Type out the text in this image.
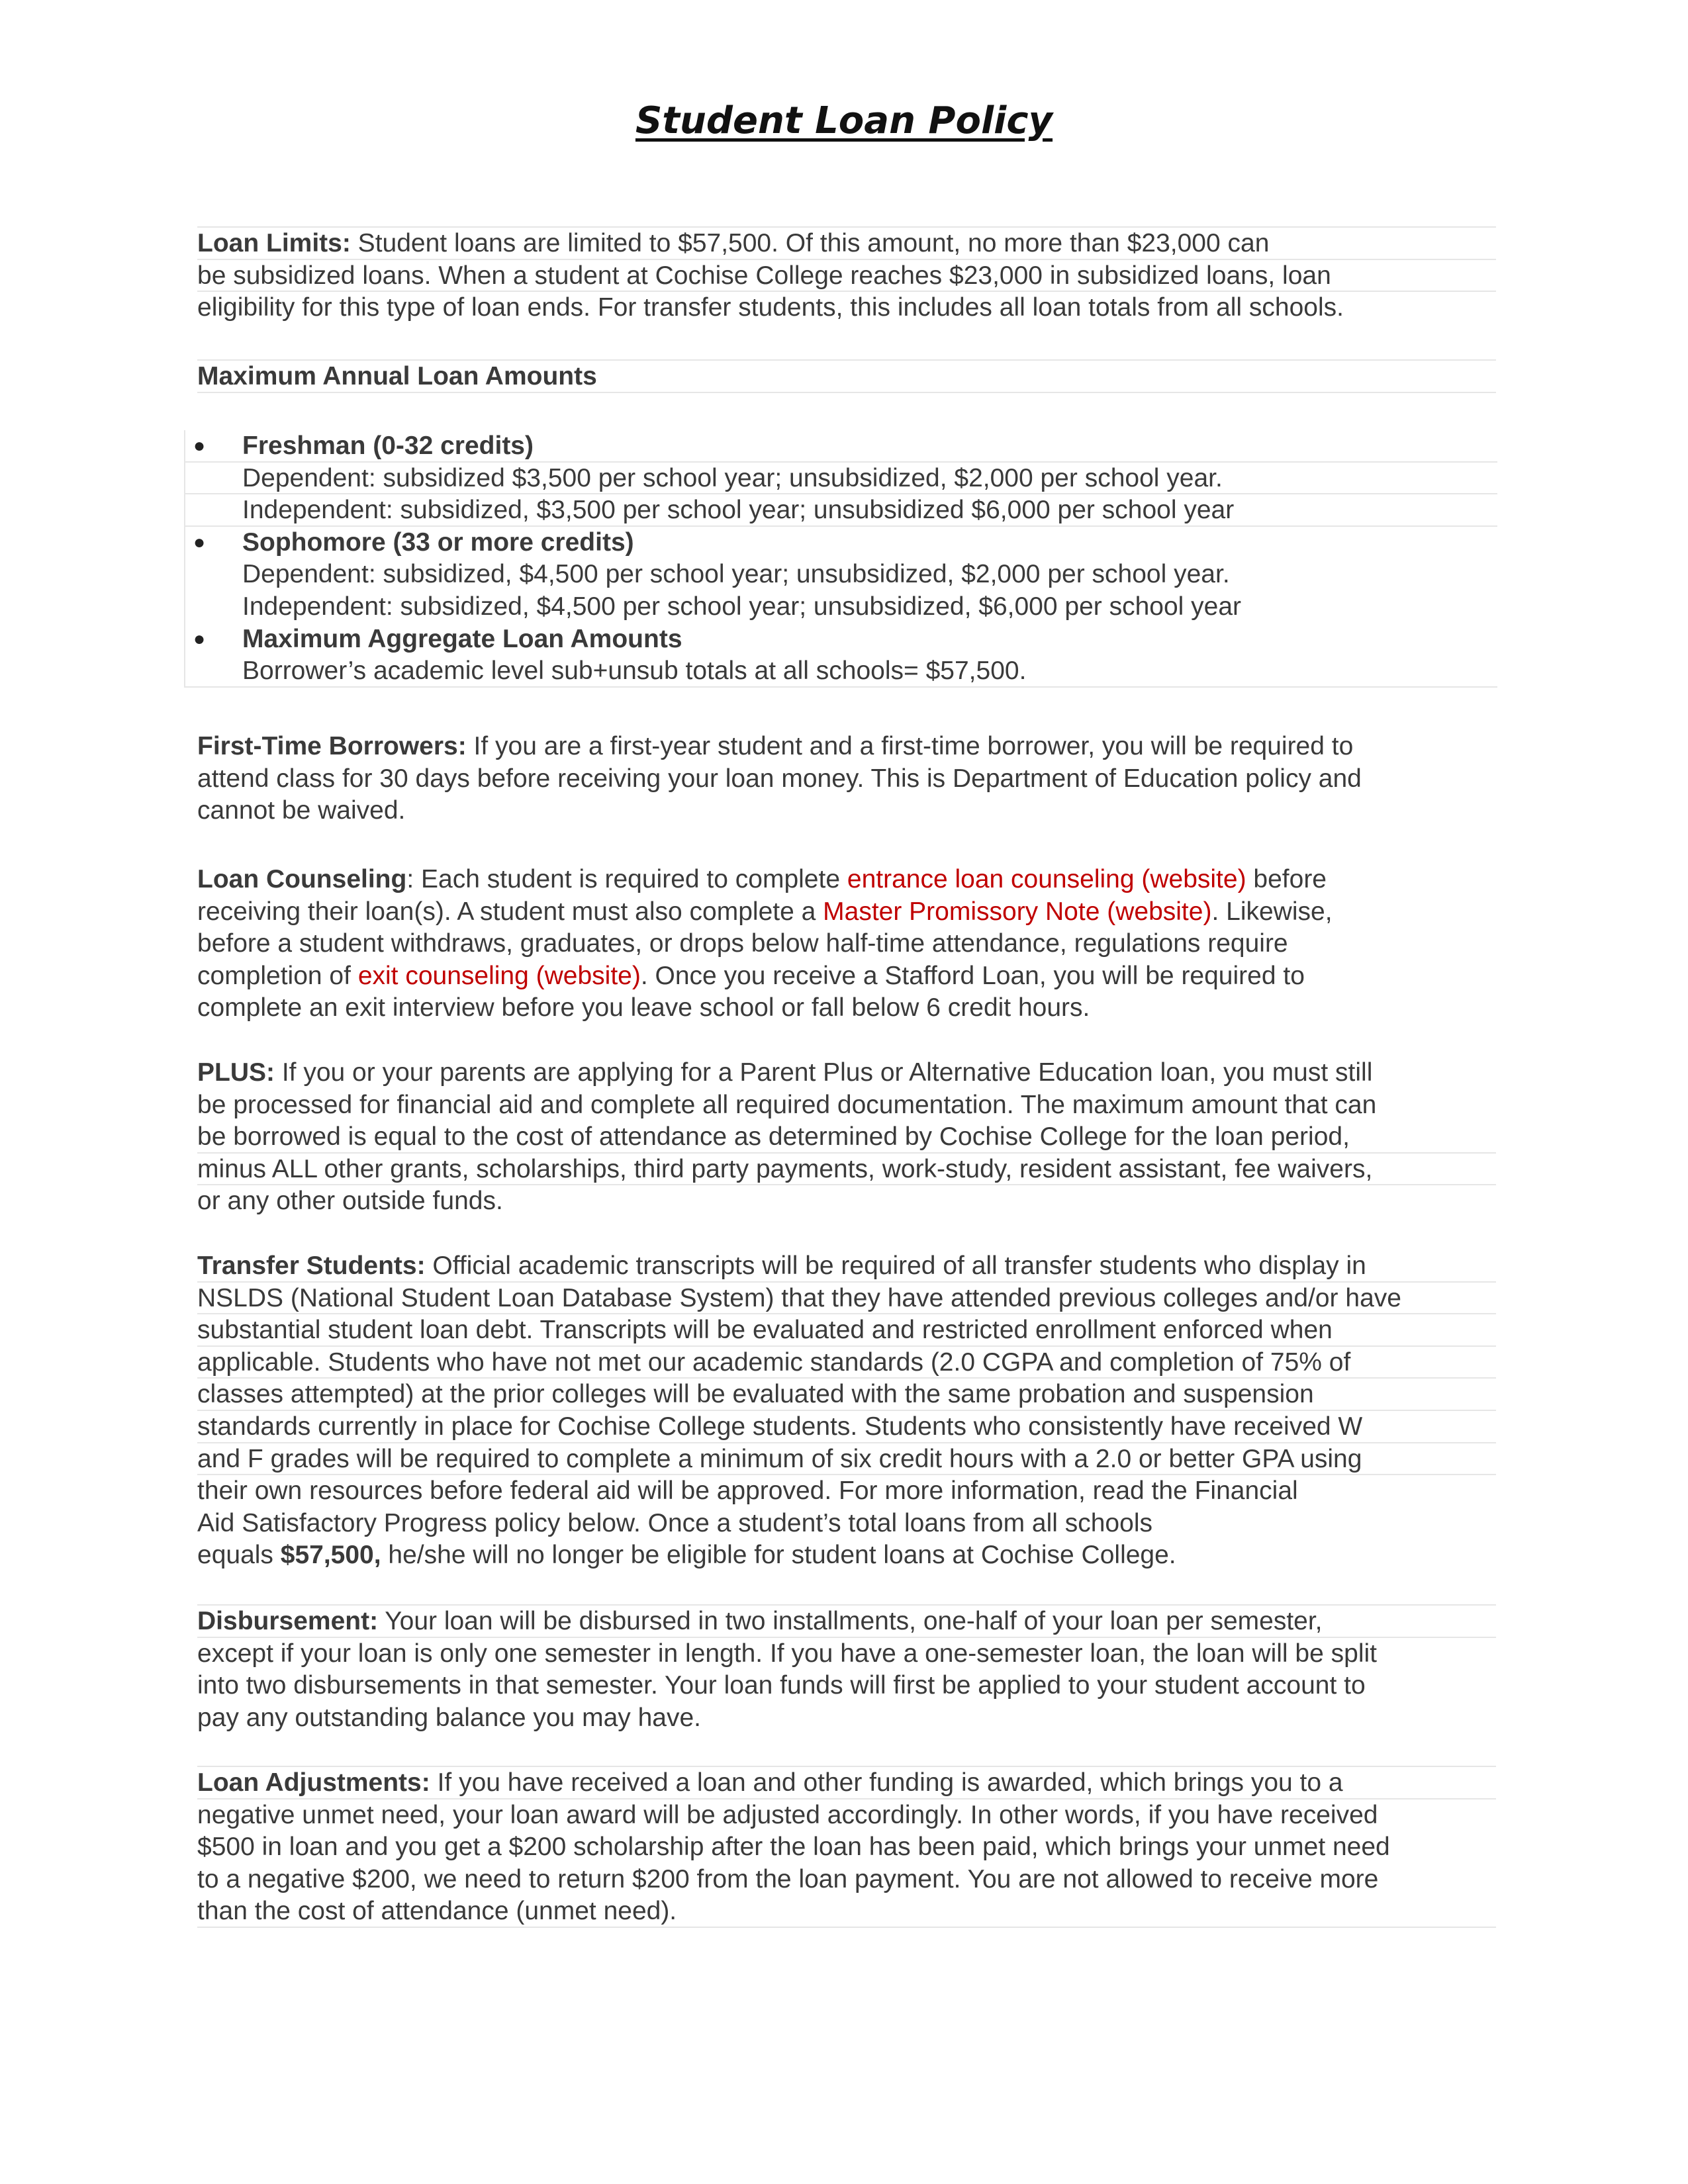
Student Loan Policy
Loan Limits: Student loans are limited to $57,500. Of this amount, no more than $23,000 can
be subsidized loans. When a student at Cochise College reaches $23,000 in subsidized loans, loan
eligibility for this type of loan ends. For transfer students, this includes all loan totals from all schools.
Maximum Annual Loan Amounts
● Freshman (0-32 credits)
Dependent: subsidized $3,500 per school year; unsubsidized, $2,000 per school year.
Independent: subsidized, $3,500 per school year; unsubsidized $6,000 per school year
● Sophomore (33 or more credits)
Dependent: subsidized, $4,500 per school year; unsubsidized, $2,000 per school year.
Independent: subsidized, $4,500 per school year; unsubsidized, $6,000 per school year
● Maximum Aggregate Loan Amounts
Borrower’s academic level sub+unsub totals at all schools= $57,500.
First-Time Borrowers: If you are a first-year student and a first-time borrower, you will be required to
attend class for 30 days before receiving your loan money. This is Department of Education policy and
cannot be waived.
Loan Counseling: Each student is required to complete entrance loan counseling (website) before
receiving their loan(s). A student must also complete a Master Promissory Note (website). Likewise,
before a student withdraws, graduates, or drops below half-time attendance, regulations require
completion of exit counseling (website). Once you receive a Stafford Loan, you will be required to
complete an exit interview before you leave school or fall below 6 credit hours.
PLUS: If you or your parents are applying for a Parent Plus or Alternative Education loan, you must still
be processed for financial aid and complete all required documentation. The maximum amount that can
be borrowed is equal to the cost of attendance as determined by Cochise College for the loan period,
minus ALL other grants, scholarships, third party payments, work-study, resident assistant, fee waivers,
or any other outside funds.
Transfer Students: Official academic transcripts will be required of all transfer students who display in
NSLDS (National Student Loan Database System) that they have attended previous colleges and/or have
substantial student loan debt. Transcripts will be evaluated and restricted enrollment enforced when
applicable. Students who have not met our academic standards (2.0 CGPA and completion of 75% of
classes attempted) at the prior colleges will be evaluated with the same probation and suspension
standards currently in place for Cochise College students. Students who consistently have received W
and F grades will be required to complete a minimum of six credit hours with a 2.0 or better GPA using
their own resources before federal aid will be approved. For more information, read the Financial
Aid Satisfactory Progress policy below. Once a student’s total loans from all schools
equals $57,500, he/she will no longer be eligible for student loans at Cochise College.
Disbursement: Your loan will be disbursed in two installments, one-half of your loan per semester,
except if your loan is only one semester in length. If you have a one-semester loan, the loan will be split
into two disbursements in that semester. Your loan funds will first be applied to your student account to
pay any outstanding balance you may have.
Loan Adjustments: If you have received a loan and other funding is awarded, which brings you to a
negative unmet need, your loan award will be adjusted accordingly. In other words, if you have received
$500 in loan and you get a $200 scholarship after the loan has been paid, which brings your unmet need
to a negative $200, we need to return $200 from the loan payment. You are not allowed to receive more
than the cost of attendance (unmet need).
